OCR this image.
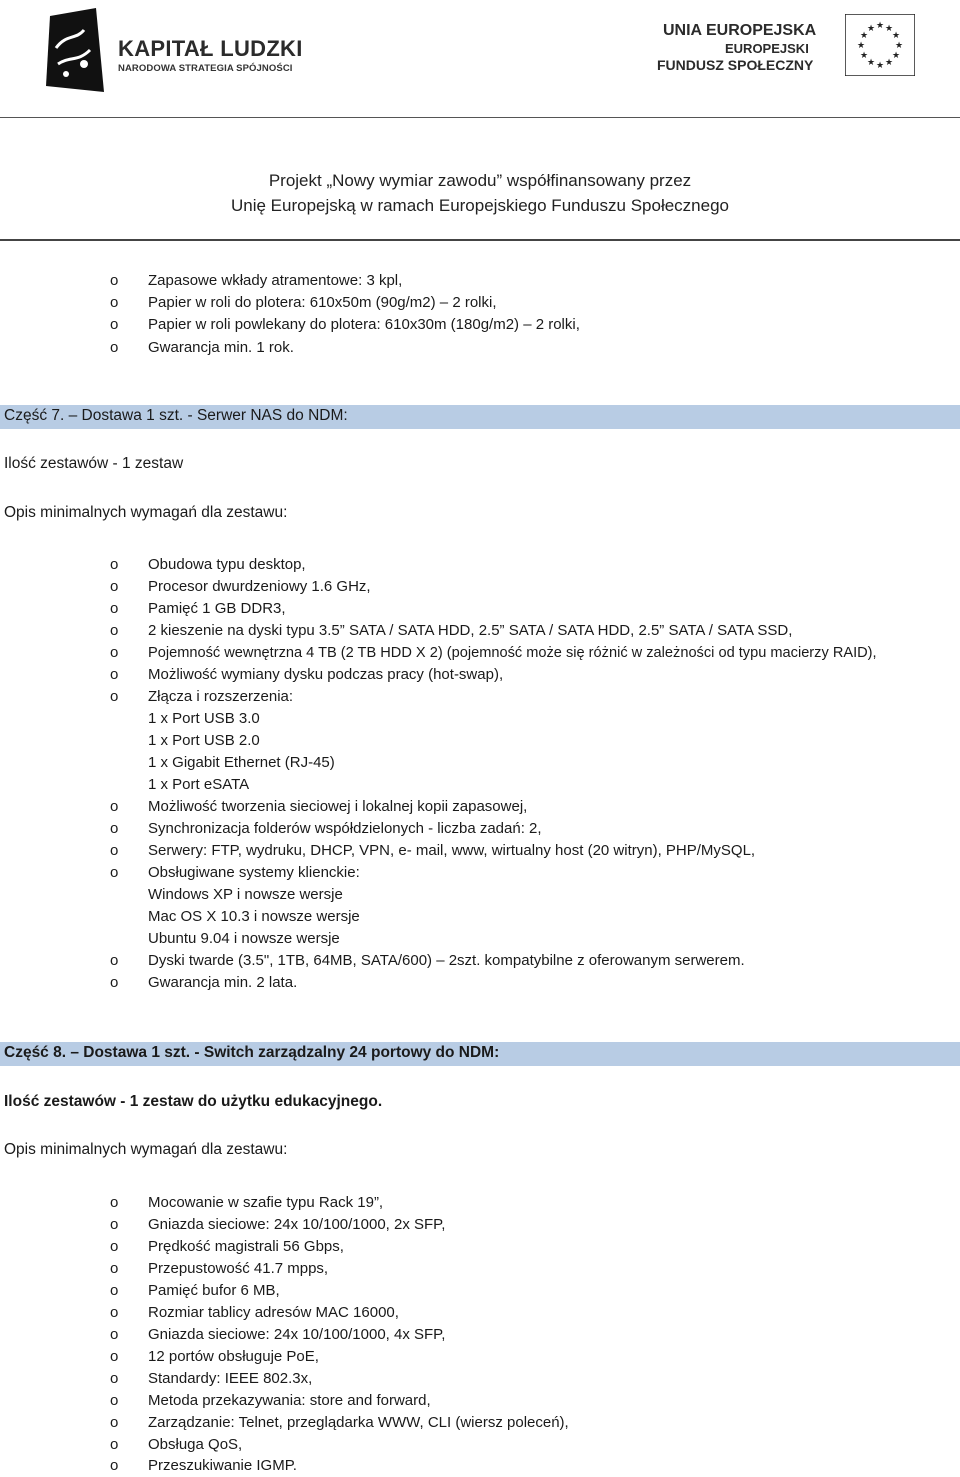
KAPITAŁ LUDZKI
NARODOWA STRATEGIA SPÓJNOŚCI
UNIA EUROPEJSKA
EUROPEJSKI
FUNDUSZ SPOŁECZNY
★ ★
★
★
★
★
★
★
★
★
★
★
Projekt „Nowy wymiar zawodu” współfinansowany przez
Unię Europejską w ramach Europejskiego Funduszu Społecznego
o Zapasowe wkłady atramentowe: 3 kpl,
o Papier w roli do plotera: 610x50m (90g/m2) – 2 rolki,
o Papier w roli powlekany do plotera: 610x30m (180g/m2) – 2 rolki,
o Gwarancja min. 1 rok.
Część 7. – Dostawa 1 szt. - Serwer NAS do NDM:
Ilość zestawów - 1 zestaw
Opis minimalnych wymagań dla zestawu:
o Obudowa typu desktop,
o Procesor dwurdzeniowy 1.6 GHz,
o Pamięć 1 GB DDR3,
o 2 kieszenie na dyski typu 3.5” SATA / SATA HDD, 2.5” SATA / SATA HDD, 2.5” SATA / SATA SSD,
o Pojemność wewnętrzna 4 TB (2 TB HDD X 2) (pojemność może się różnić w zależności od typu macierzy RAID),
o Możliwość wymiany dysku podczas pracy (hot-swap),
o Złącza i rozszerzenia:
1 x Port USB 3.0
1 x Port USB 2.0
1 x Gigabit Ethernet (RJ-45)
1 x Port eSATA
o Możliwość tworzenia sieciowej i lokalnej kopii zapasowej,
o Synchronizacja folderów współdzielonych - liczba zadań: 2,
o Serwery: FTP, wydruku, DHCP, VPN, e- mail, www, wirtualny host (20 witryn), PHP/MySQL,
o Obsługiwane systemy klienckie:
Windows XP i nowsze wersje
Mac OS X 10.3 i nowsze wersje
Ubuntu 9.04 i nowsze wersje
o Dyski twarde (3.5", 1TB, 64MB, SATA/600) – 2szt. kompatybilne z oferowanym serwerem.
o Gwarancja min. 2 lata.
Część 8. – Dostawa 1 szt. - Switch zarządzalny 24 portowy do NDM:
Ilość zestawów - 1 zestaw do użytku edukacyjnego.
Opis minimalnych wymagań dla zestawu:
o Mocowanie w szafie typu Rack 19”,
o Gniazda sieciowe: 24x 10/100/1000, 2x SFP,
o Prędkość magistrali 56 Gbps,
o Przepustowość 41.7 mpps,
o Pamięć bufor 6 MB,
o Rozmiar tablicy adresów MAC 16000,
o Gniazda sieciowe: 24x 10/100/1000, 4x SFP,
o 12 portów obsługuje PoE,
o Standardy: IEEE 802.3x,
o Metoda przekazywania: store and forward,
o Zarządzanie: Telnet, przeglądarka WWW, CLI (wiersz poleceń),
o Obsługa QoS,
o Przeszukiwanie IGMP.
